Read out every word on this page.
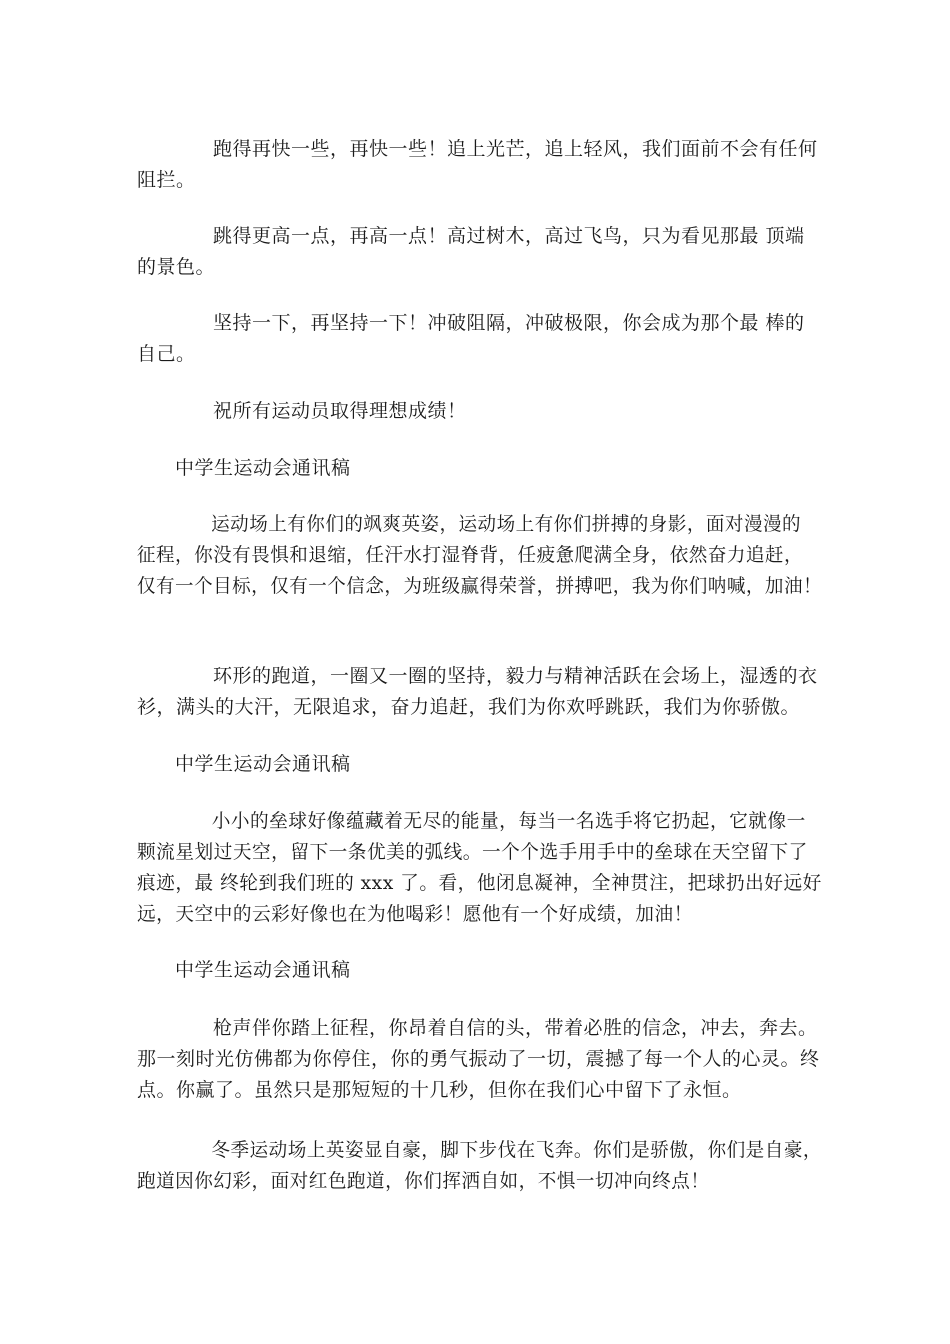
跑得再快一些，再快一些！追上光芒，追上轻风，我们面前不会有任何
阻拦。
跳得更高一点，再高一点！高过树木，高过飞鸟，只为看见那最 顶端
的景色。
坚持一下，再坚持一下！冲破阻隔，冲破极限，你会成为那个最 棒的
自己。
祝所有运动员取得理想成绩！
中学生运动会通讯稿
运动场上有你们的飒爽英姿，运动场上有你们拼搏的身影，面对漫漫的
征程，你没有畏惧和退缩，任汗水打湿脊背，任疲惫爬满全身，依然奋力追赶，
仅有一个目标，仅有一个信念，为班级赢得荣誉，拼搏吧，我为你们呐喊，加油！
环形的跑道，一圈又一圈的坚持，毅力与精神活跃在会场上，湿透的衣
衫，满头的大汗，无限追求，奋力追赶，我们为你欢呼跳跃，我们为你骄傲。
中学生运动会通讯稿
小小的垒球好像蕴藏着无尽的能量，每当一名选手将它扔起，它就像一
颗流星划过天空，留下一条优美的弧线。一个个选手用手中的垒球在天空留下了
痕迹，最 终轮到我们班的 xxx 了。看，他闭息凝神，全神贯注，把球扔出好远好
远，天空中的云彩好像也在为他喝彩！愿他有一个好成绩，加油！
中学生运动会通讯稿
枪声伴你踏上征程，你昂着自信的头，带着必胜的信念，冲去，奔去。
那一刻时光仿佛都为你停住，你的勇气振动了一切，震撼了每一个人的心灵。终
点。你赢了。虽然只是那短短的十几秒，但你在我们心中留下了永恒。
冬季运动场上英姿显自豪，脚下步伐在飞奔。你们是骄傲，你们是自豪，
跑道因你幻彩，面对红色跑道，你们挥洒自如，不惧一切冲向终点！
